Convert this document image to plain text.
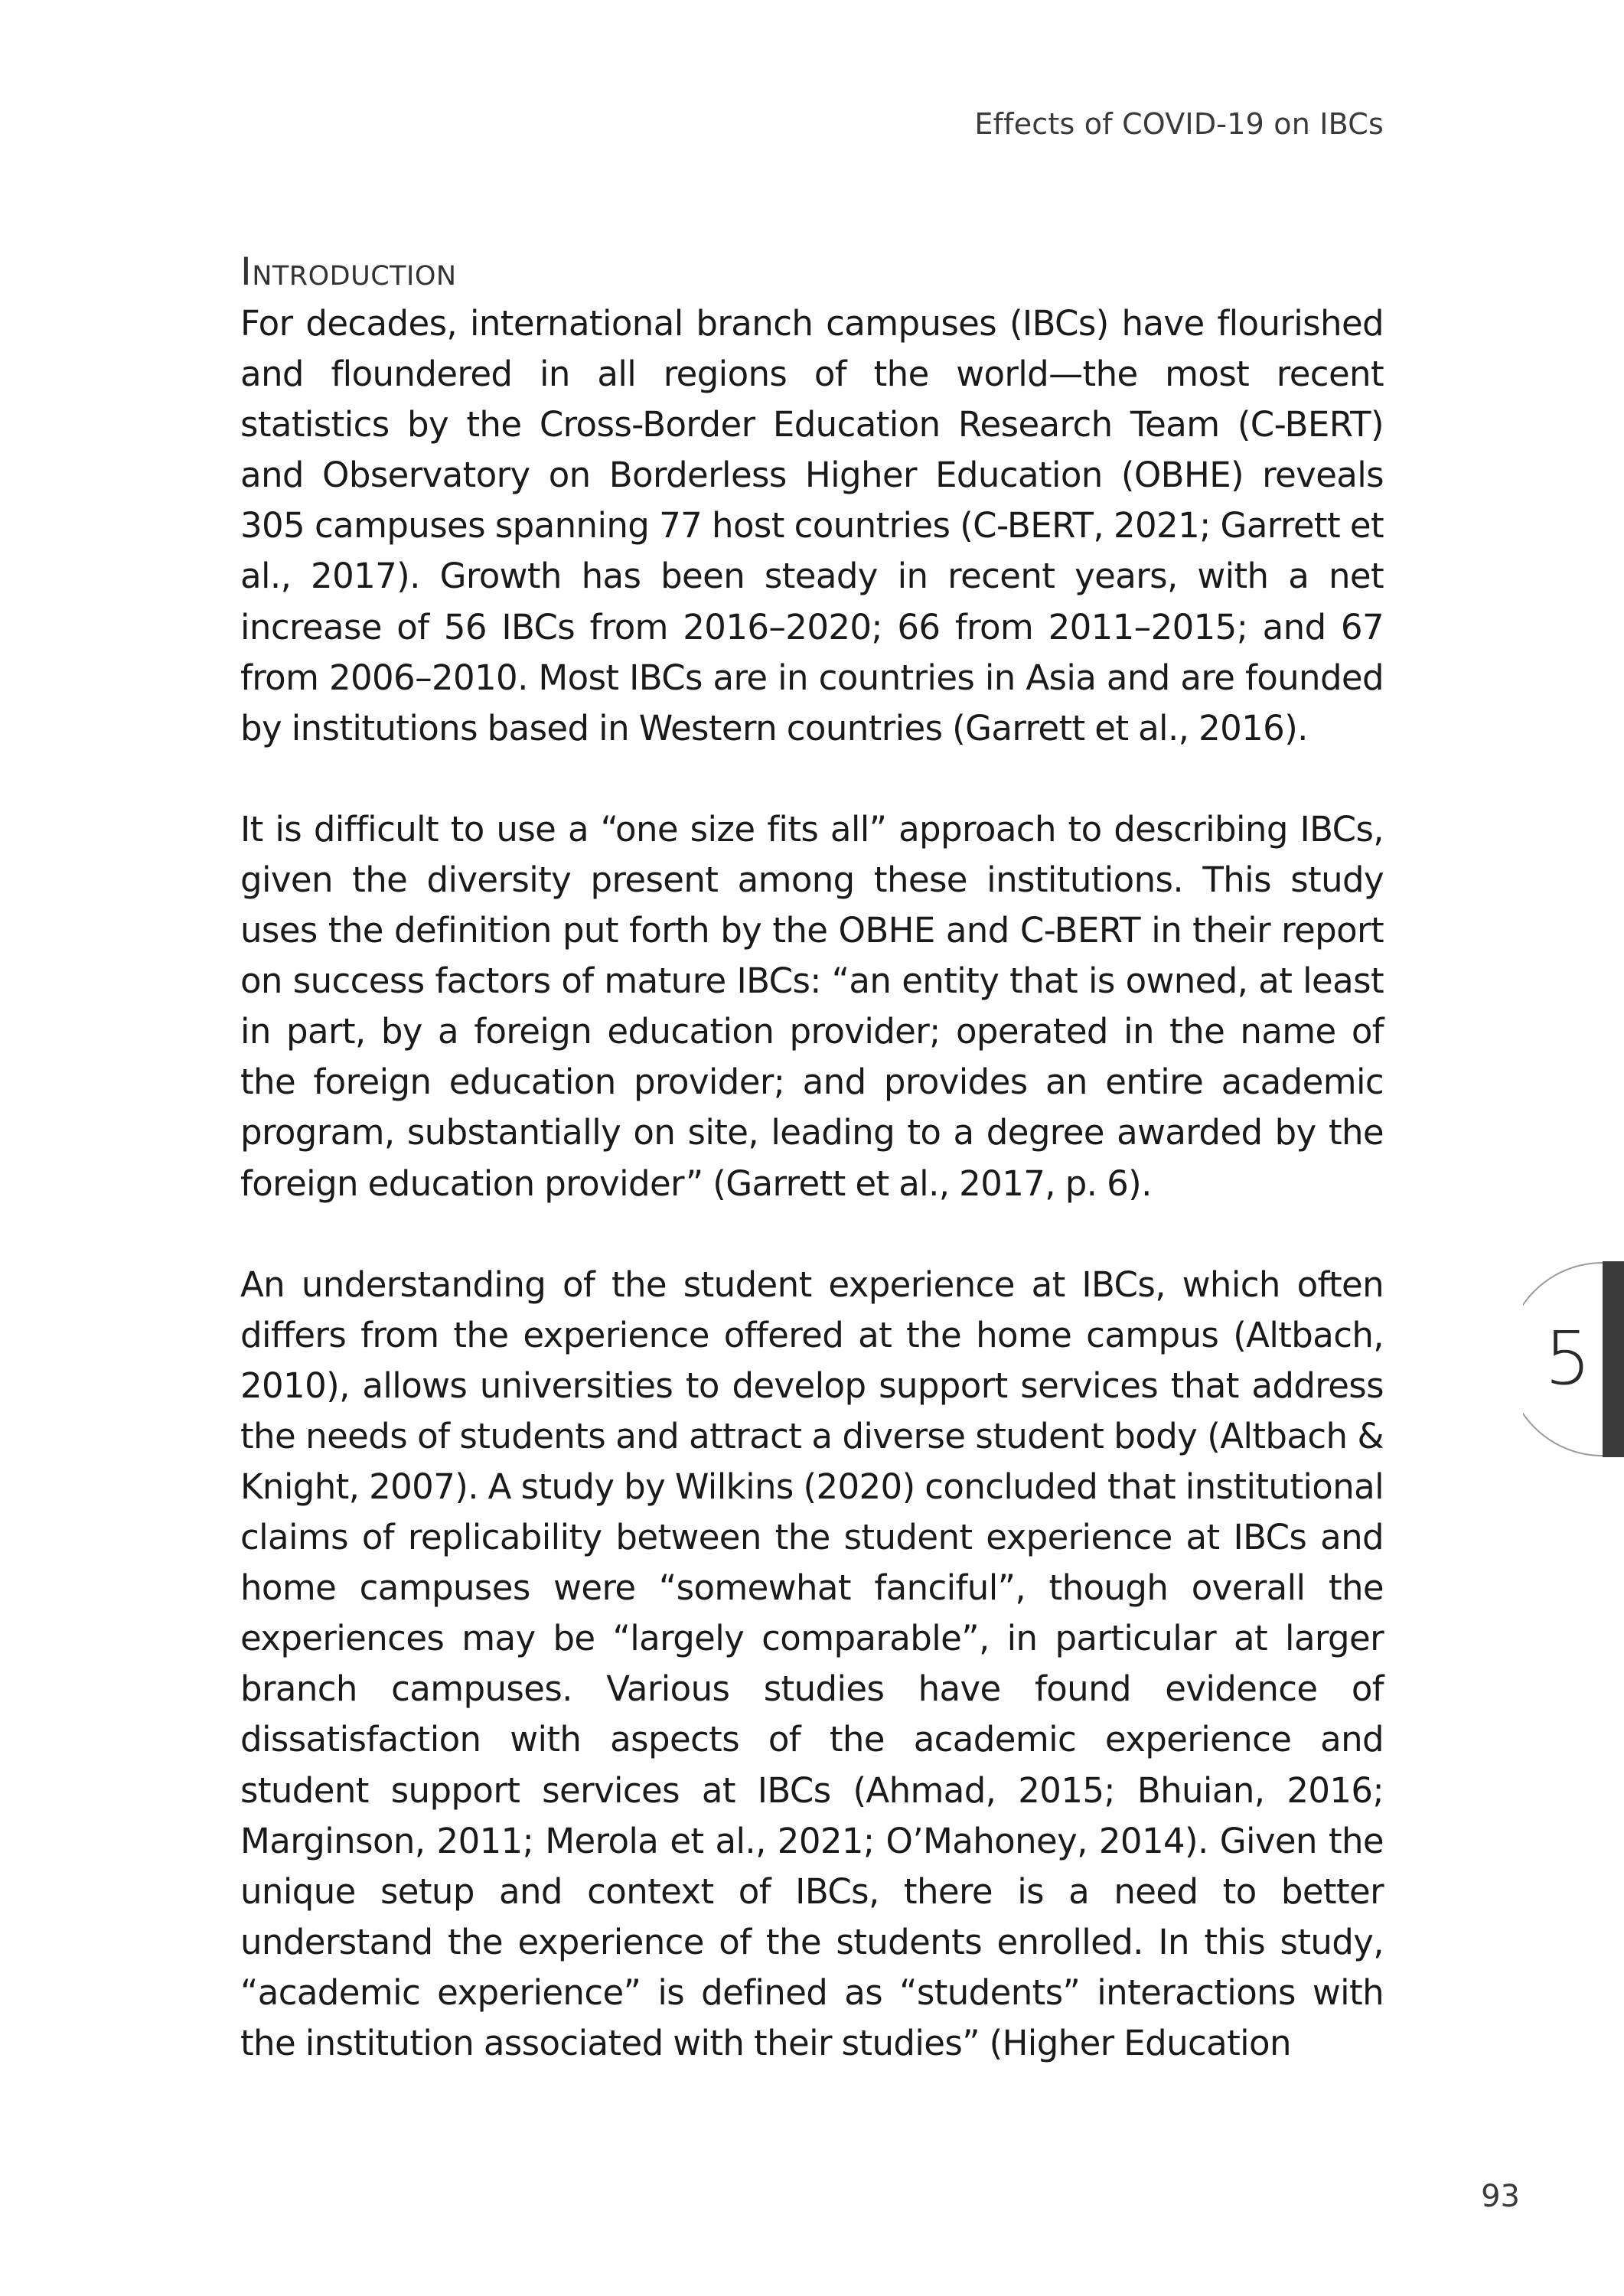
Effects of COVID-19 on IBCs
Introduction

For decades, international branch campuses (IBCs) have flourished and floundered in all regions of the world—the most recent statistics by the Cross-Border Education Research Team (C-BERT) and Observatory on Borderless Higher Education (OBHE) reveals 305 campuses spanning 77 host countries (C-BERT, 2021; Garrett et al., 2017). Growth has been steady in recent years, with a net increase of 56 IBCs from 2016–2020; 66 from 2011–2015; and 67 from 2006–2010. Most IBCs are in countries in Asia and are founded by institutions based in Western countries (Garrett et al., 2016).

It is difficult to use a “one size fits all” approach to describing IBCs, given the diversity present among these institutions. This study uses the definition put forth by the OBHE and C-BERT in their report on success factors of mature IBCs: “an entity that is owned, at least in part, by a foreign education provider; operated in the name of the foreign education provider; and provides an entire academic program, substantially on site, leading to a degree awarded by the foreign education provider” (Garrett et al., 2017, p. 6).

An understanding of the student experience at IBCs, which often differs from the experience offered at the home campus (Altbach, 2010), allows universities to develop support services that address the needs of students and attract a diverse student body (Altbach & Knight, 2007). A study by Wilkins (2020) concluded that institutional claims of replicability between the student experience at IBCs and home campuses were “somewhat fanciful”, though overall the experiences may be “largely comparable”, in particular at larger branch campuses. Various studies have found evidence of dissatisfaction with aspects of the academic experience and student support services at IBCs (Ahmad, 2015; Bhuian, 2016; Marginson, 2011; Merola et al., 2021; O’Mahoney, 2014). Given the unique setup and context of IBCs, there is a need to better understand the experience of the students enrolled. In this study, “academic experience” is defined as “students” interactions with the institution associated with their studies” (Higher Education

5
93
